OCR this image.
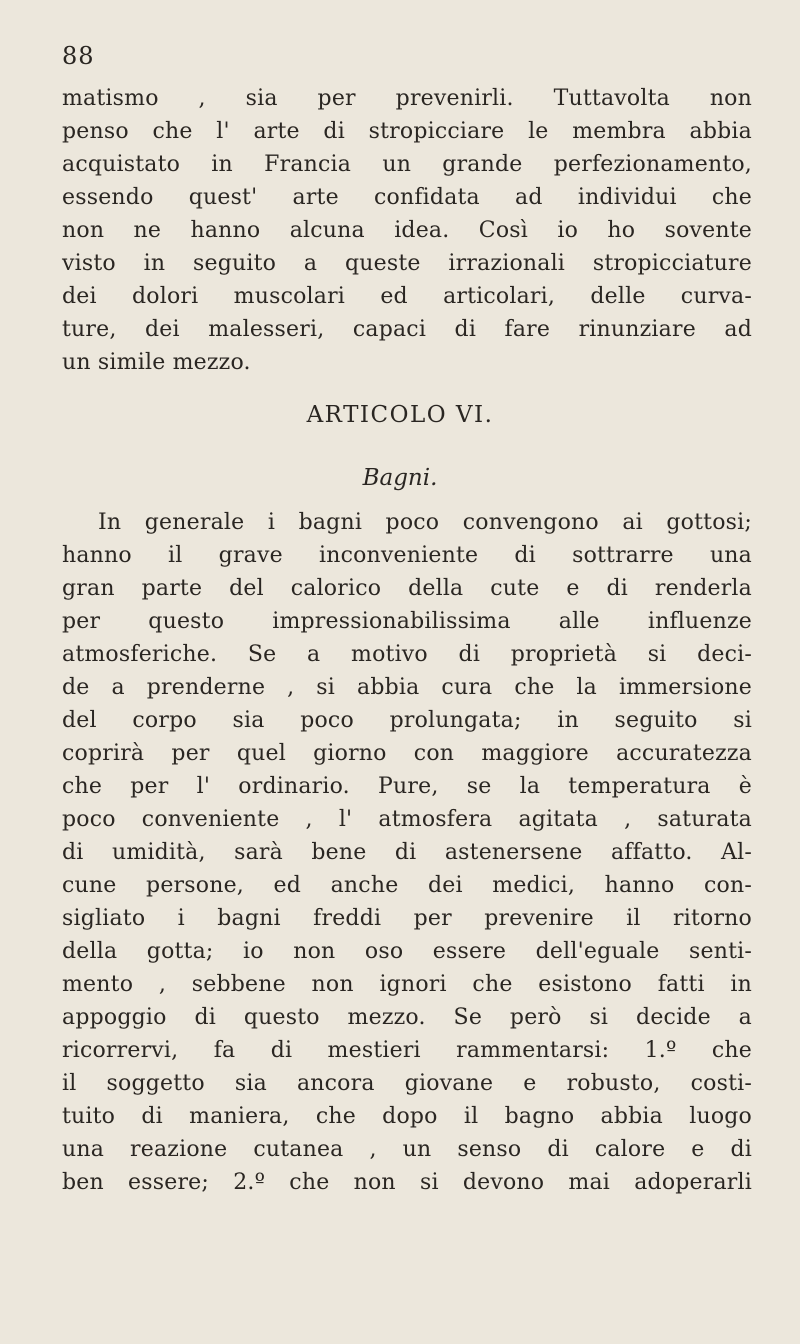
88
matismo , sia per prevenirli. Tuttavolta non
penso che l' arte di stropicciare le membra abbia
acquistato in Francia un grande perfezionamento,
essendo quest' arte confidata ad individui che
non ne hanno alcuna idea. Così io ho sovente
visto in seguito a queste irrazionali stropicciature
dei dolori muscolari ed articolari, delle curva-
ture, dei malesseri, capaci di fare rinunziare ad
un simile mezzo.
ARTICOLO VI.
Bagni.
In generale i bagni poco convengono ai gottosi;
hanno il grave inconveniente di sottrarre una
gran parte del calorico della cute e di renderla
per questo impressionabilissima alle influenze
atmosferiche. Se a motivo di proprietà si deci-
de a prenderne , si abbia cura che la immersione
del corpo sia poco prolungata; in seguito si
coprirà per quel giorno con maggiore accuratezza
che per l' ordinario. Pure, se la temperatura è
poco conveniente , l' atmosfera agitata , saturata
di umidità, sarà bene di astenersene affatto. Al-
cune persone, ed anche dei medici, hanno con-
sigliato i bagni freddi per prevenire il ritorno
della gotta; io non oso essere dell'eguale senti-
mento , sebbene non ignori che esistono fatti in
appoggio di questo mezzo. Se però si decide a
ricorrervi, fa di mestieri rammentarsi: 1.º che
il soggetto sia ancora giovane e robusto, costi-
tuito di maniera, che dopo il bagno abbia luogo
una reazione cutanea , un senso di calore e di
ben essere; 2.º che non si devono mai adoperarli
